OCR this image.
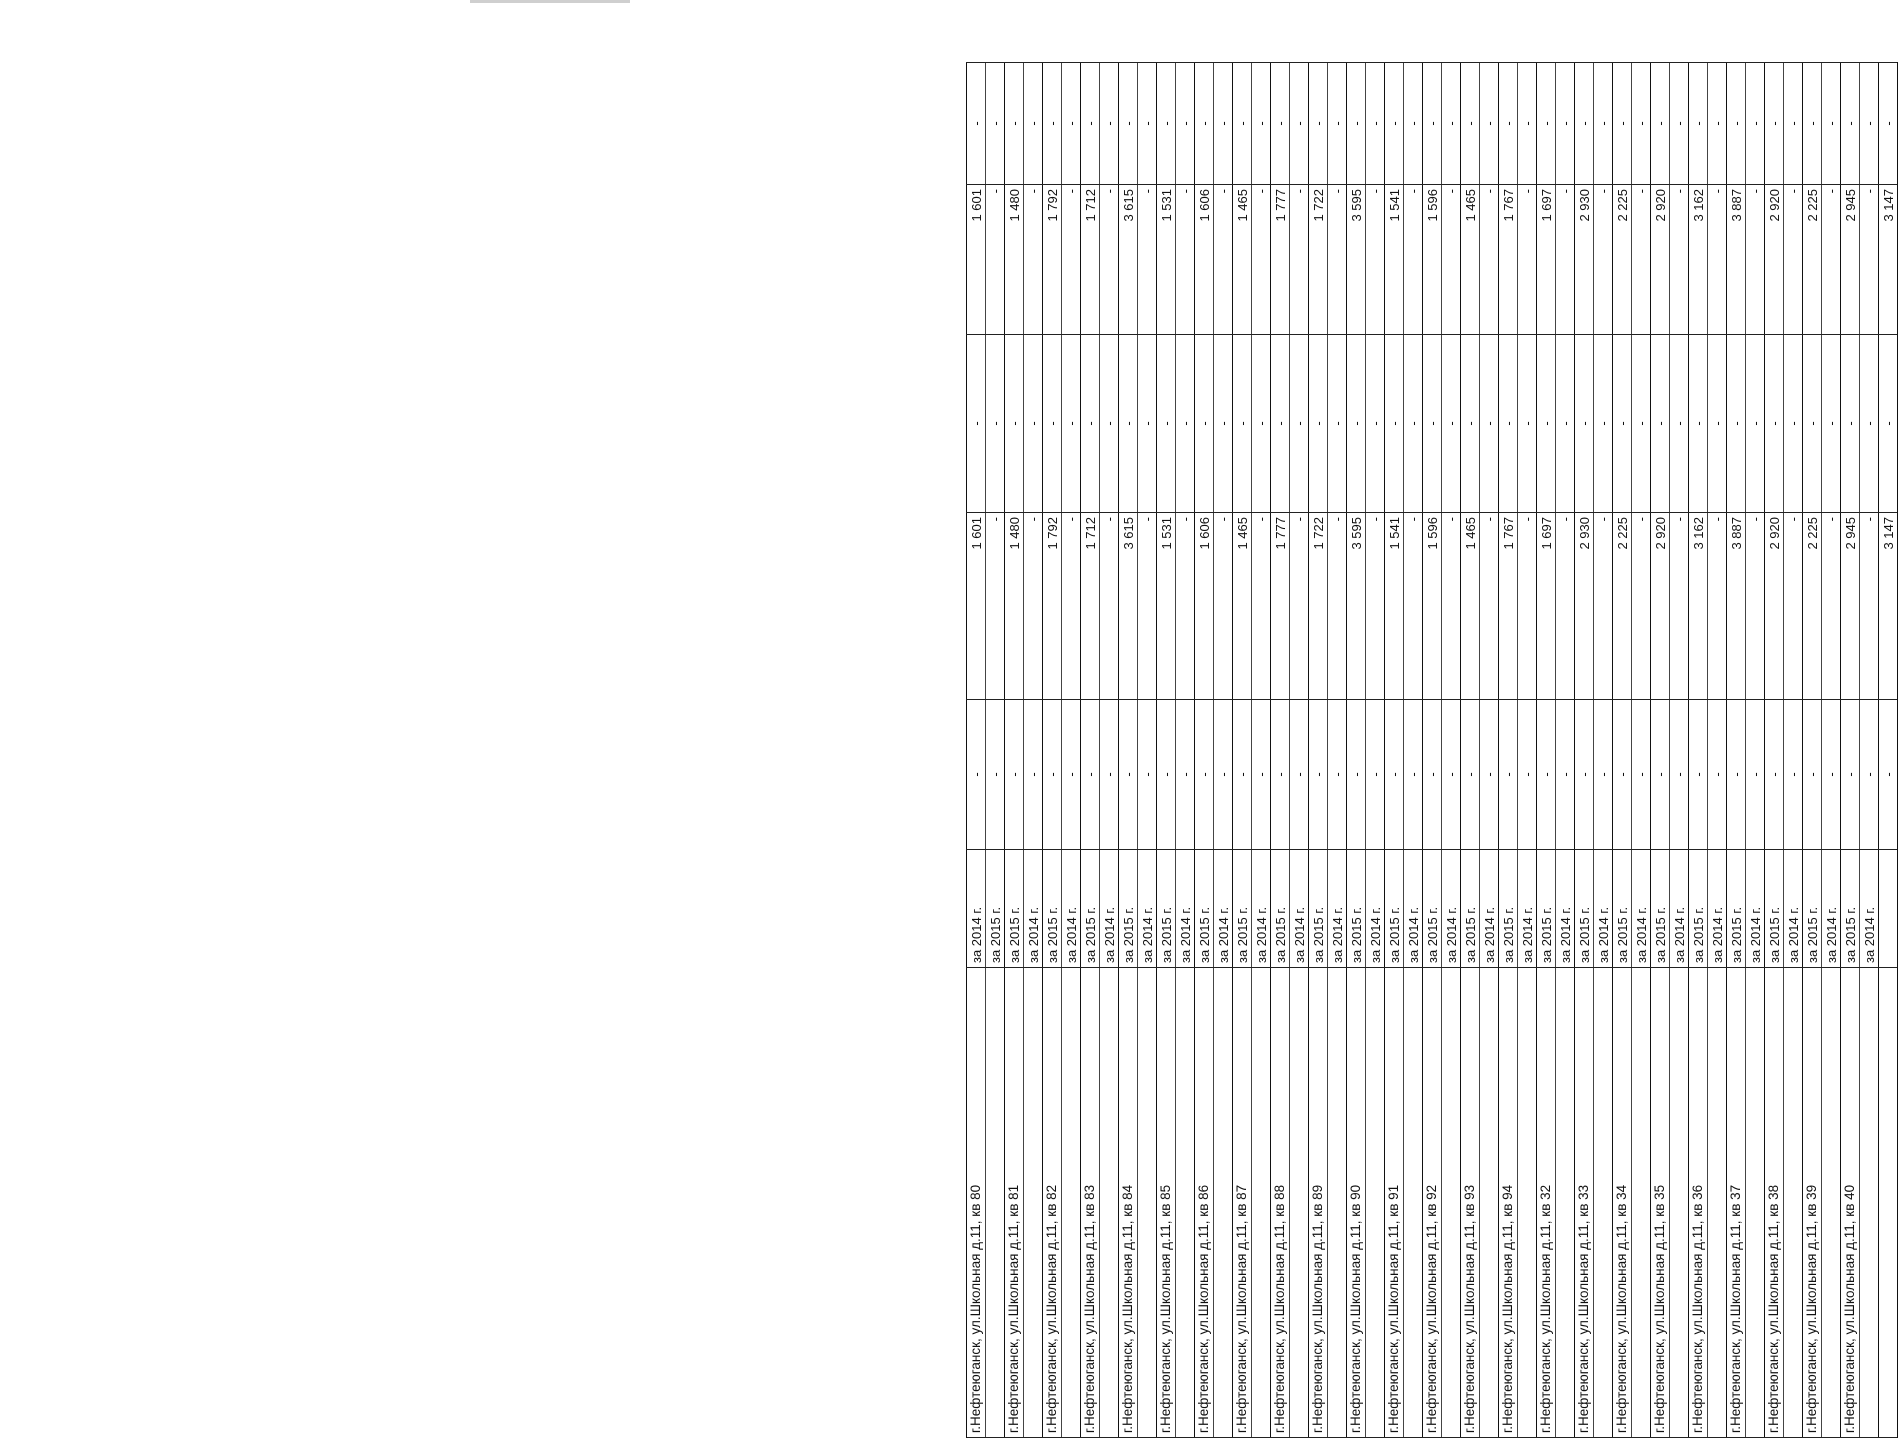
г.Нефтеюганск, ул.Школьная д.11, кв 80	за 2014 г.	-	1 601	-	1 601	-
	за 2015 г.	-	-	-	-	-
г.Нефтеюганск, ул.Школьная д.11, кв 81	за 2015 г.	-	1 480	-	1 480	-
	за 2014 г.	-	-	-	-	-
г.Нефтеюганск, ул.Школьная д.11, кв 82	за 2015 г.	-	1 792	-	1 792	-
	за 2014 г.	-	-	-	-	-
г.Нефтеюганск, ул.Школьная д.11, кв 83	за 2015 г.	-	1 712	-	1 712	-
	за 2014 г.	-	-	-	-	-
г.Нефтеюганск, ул.Школьная д.11, кв 84	за 2015 г.	-	3 615	-	3 615	-
	за 2014 г.	-	-	-	-	-
г.Нефтеюганск, ул.Школьная д.11, кв 85	за 2015 г.	-	1 531	-	1 531	-
	за 2014 г.	-	-	-	-	-
г.Нефтеюганск, ул.Школьная д.11, кв 86	за 2015 г.	-	1 606	-	1 606	-
	за 2014 г.	-	-	-	-	-
г.Нефтеюганск, ул.Школьная д.11, кв 87	за 2015 г.	-	1 465	-	1 465	-
	за 2014 г.	-	-	-	-	-
г.Нефтеюганск, ул.Школьная д.11, кв 88	за 2015 г.	-	1 777	-	1 777	-
	за 2014 г.	-	-	-	-	-
г.Нефтеюганск, ул.Школьная д.11, кв 89	за 2015 г.	-	1 722	-	1 722	-
	за 2014 г.	-	-	-	-	-
г.Нефтеюганск, ул.Школьная д.11, кв 90	за 2015 г.	-	3 595	-	3 595	-
	за 2014 г.	-	-	-	-	-
г.Нефтеюганск, ул.Школьная д.11, кв 91	за 2015 г.	-	1 541	-	1 541	-
	за 2014 г.	-	-	-	-	-
г.Нефтеюганск, ул.Школьная д.11, кв 92	за 2015 г.	-	1 596	-	1 596	-
	за 2014 г.	-	-	-	-	-
г.Нефтеюганск, ул.Школьная д.11, кв 93	за 2015 г.	-	1 465	-	1 465	-
	за 2014 г.	-	-	-	-	-
г.Нефтеюганск, ул.Школьная д.11, кв 94	за 2015 г.	-	1 767	-	1 767	-
	за 2014 г.	-	-	-	-	-
г.Нефтеюганск, ул.Школьная д.11, кв 32	за 2015 г.	-	1 697	-	1 697	-
	за 2014 г.	-	-	-	-	-
г.Нефтеюганск, ул.Школьная д.11, кв 33	за 2015 г.	-	2 930	-	2 930	-
	за 2014 г.	-	-	-	-	-
г.Нефтеюганск, ул.Школьная д.11, кв 34	за 2015 г.	-	2 225	-	2 225	-
	за 2014 г.	-	-	-	-	-
г.Нефтеюганск, ул.Школьная д.11, кв 35	за 2015 г.	-	2 920	-	2 920	-
	за 2014 г.	-	-	-	-	-
г.Нефтеюганск, ул.Школьная д.11, кв 36	за 2015 г.	-	3 162	-	3 162	-
	за 2014 г.	-	-	-	-	-
г.Нефтеюганск, ул.Школьная д.11, кв 37	за 2015 г.	-	3 887	-	3 887	-
	за 2014 г.	-	-	-	-	-
г.Нефтеюганск, ул.Школьная д.11, кв 38	за 2015 г.	-	2 920	-	2 920	-
	за 2014 г.	-	-	-	-	-
г.Нефтеюганск, ул.Школьная д.11, кв 39	за 2015 г.	-	2 225	-	2 225	-
	за 2014 г.	-	-	-	-	-
г.Нефтеюганск, ул.Школьная д.11, кв 40	за 2015 г.	-	2 945	-	2 945	-
	за 2014 г.	-	-	-	-	-
		-	3 147	-	3 147	-
